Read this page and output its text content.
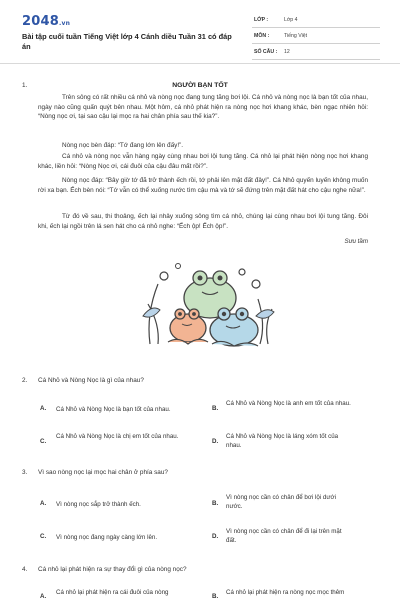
2048.vn
Bài tập cuối tuần Tiếng Việt lớp 4 Cánh diều Tuần 31 có đáp án
LỚP :	Lớp 4
MÔN :	Tiếng Việt
SỐ CÂU : 12
1.	NGƯỜI BẠN TỐT

Trên sông có rất nhiều cá nhỏ và nòng nọc đang tung tăng bơi lội. Cá nhỏ và nòng nọc là bạn tốt của nhau, ngày nào cũng quấn quýt bên nhau. Một hôm, cá nhỏ phát hiện ra nòng nọc hơi khang khác, bèn ngạc nhiên hỏi: “Nòng nọc ơi, tại sao cậu lại mọc ra hai chân phía sau thế kia?”.

Nòng nọc bèn đáp: “Tớ đang lớn lên đấy!”.

Cá nhỏ và nòng nọc vẫn hàng ngày cùng nhau bơi lội tung tăng. Cá nhỏ lại phát hiện nòng nọc hơi khang khác, liền hỏi: “Nòng Nọc ơi, cái đuôi của cậu đâu mất rồi?”.

Nòng nọc đáp: “Bây giờ tớ đã trở thành ếch rồi, tớ phải lên mặt đất đây!”. Cá Nhỏ quyến luyến không muốn rời xa bạn. Ếch bèn nói: “Tớ vẫn có thể xuống nước tìm cậu mà và tớ sẽ đứng trên mặt đất hát cho cậu nghe nữa!”.

Từ đó về sau, thi thoảng, ếch lại nhảy xuống sông tìm cá nhỏ, chúng lại cùng nhau bơi lội tung tăng. Đôi khi, ếch lại ngồi trên lá sen hát cho cá nhỏ nghe: “Ếch ộp! Ếch ộp!”.

Sưu tầm
2. Cá Nhỏ và Nòng Nọc là gì của nhau?
A. Cá Nhỏ và Nòng Nọc là bạn tốt của nhau.	B.
Cá Nhỏ và Nòng Nọc là anh em tốt của nhau.
C.
Cá Nhỏ và Nòng Nọc là chị em tốt của nhau.
D.
Cá Nhỏ và Nòng Nọc là láng xóm tốt của nhau.
3. Vì sao nòng nọc lại mọc hai chân ở phía sau?
A. Vì nòng nọc sắp trở thành ếch.	B.
Vì nòng nọc cần có chân để bơi lội dưới nước.
C. Vì nòng nọc đang ngày càng lớn lên.	D.
Vì nòng nọc cần có chân để đi lại trên mặt đất.
4. Cá nhỏ lại phát hiện ra sự thay đổi gì của nòng nọc?
A.
Cá nhỏ lại phát hiện ra cái đuôi của nòng
B.
Cá nhỏ lại phát hiện ra nòng nọc mọc thêm
